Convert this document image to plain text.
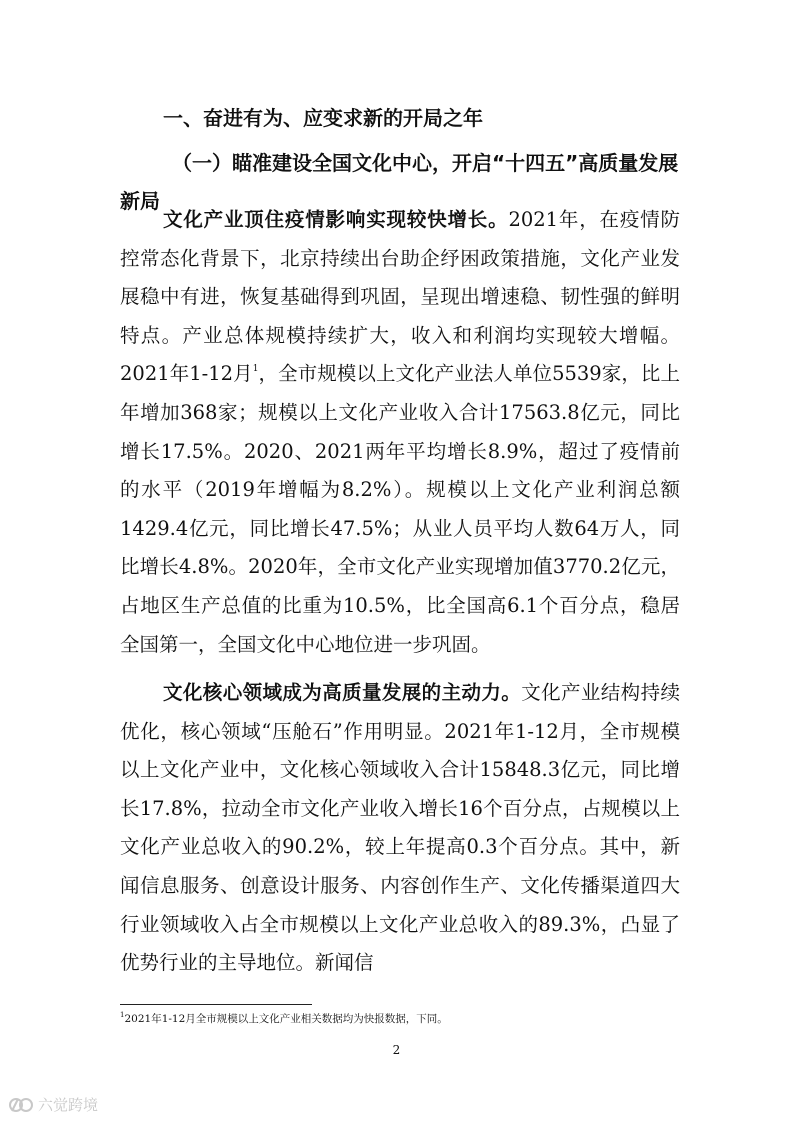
一、奋进有为、应变求新的开局之年
（一）瞄准建设全国文化中心，开启“十四五”高质量发展新局
文化产业顶住疫情影响实现较快增长。2021年，在疫情防控常态化背景下，北京持续出台助企纾困政策措施，文化产业发展稳中有进，恢复基础得到巩固，呈现出增速稳、韧性强的鲜明特点。产业总体规模持续扩大，收入和利润均实现较大增幅。2021年1-12月$^1$，全市规模以上文化产业法人单位5539家，比上年增加368家；规模以上文化产业收入合计17563.8亿元，同比增长17.5%。2020、2021两年平均增长8.9%，超过了疫情前的水平（2019年增幅为8.2%）。规模以上文化产业利润总额1429.4亿元，同比增长47.5%；从业人员平均人数64万人，同比增长4.8%。2020年，全市文化产业实现增加值3770.2亿元，占地区生产总值的比重为10.5%，比全国高6.1个百分点，稳居全国第一，全国文化中心地位进一步巩固。
文化核心领域成为高质量发展的主动力。文化产业结构持续优化，核心领域“压舱石”作用明显。2021年1-12月，全市规模以上文化产业中，文化核心领域收入合计15848.3亿元，同比增长17.8%，拉动全市文化产业收入增长16个百分点，占规模以上文化产业总收入的90.2%，较上年提高0.3个百分点。其中，新闻信息服务、创意设计服务、内容创作生产、文化传播渠道四大行业领域收入占全市规模以上文化产业总收入的89.3%，凸显了优势行业的主导地位。新闻信
$^1$2021年1-12月全市规模以上文化产业相关数据均为快报数据，下同。
2
六觉跨境
